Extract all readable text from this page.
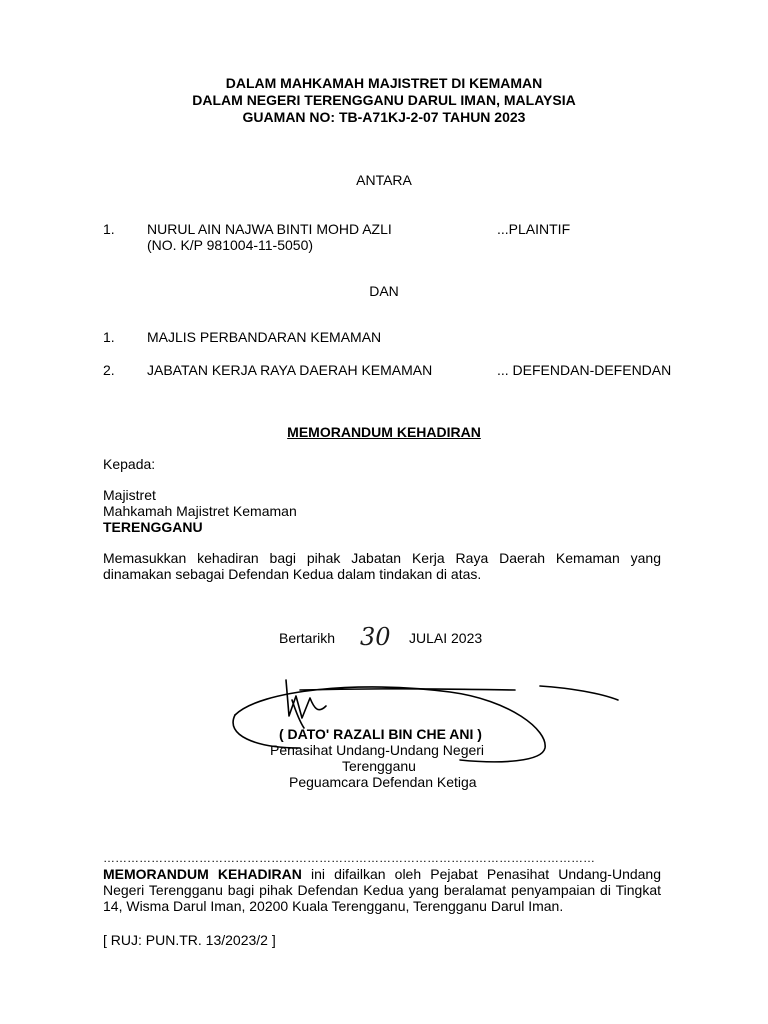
DALAM MAHKAMAH MAJISTRET DI KEMAMAN
DALAM NEGERI TERENGGANU DARUL IMAN, MALAYSIA
GUAMAN NO: TB-A71KJ-2-07 TAHUN 2023
ANTARA
1. NURUL AIN NAJWA BINTI MOHD AZLI	...PLAINTIF
(NO. K/P 981004-11-5050)
DAN
1. MAJLIS PERBANDARAN KEMAMAN
2. JABATAN KERJA RAYA DAERAH KEMAMAN	... DEFENDAN-DEFENDAN
MEMORANDUM KEHADIRAN
Kepada:
Majistret
Mahkamah Majistret Kemaman
TERENGGANU
Memasukkan kehadiran bagi pihak Jabatan Kerja Raya Daerah Kemaman yang dinamakan sebagai Defendan Kedua dalam tindakan di atas.
Bertarikh 30 JULAI 2023
( DATO' RAZALI BIN CHE ANI )
Penasihat Undang-Undang Negeri
Terengganu
Peguamcara Defendan Ketiga
……………………………………………………………………………………………………………
MEMORANDUM KEHADIRAN ini difailkan oleh Pejabat Penasihat Undang-Undang Negeri Terengganu bagi pihak Defendan Kedua yang beralamat penyampaian di Tingkat 14, Wisma Darul Iman, 20200 Kuala Terengganu, Terengganu Darul Iman.
[ RUJ: PUN.TR. 13/2023/2 ]
